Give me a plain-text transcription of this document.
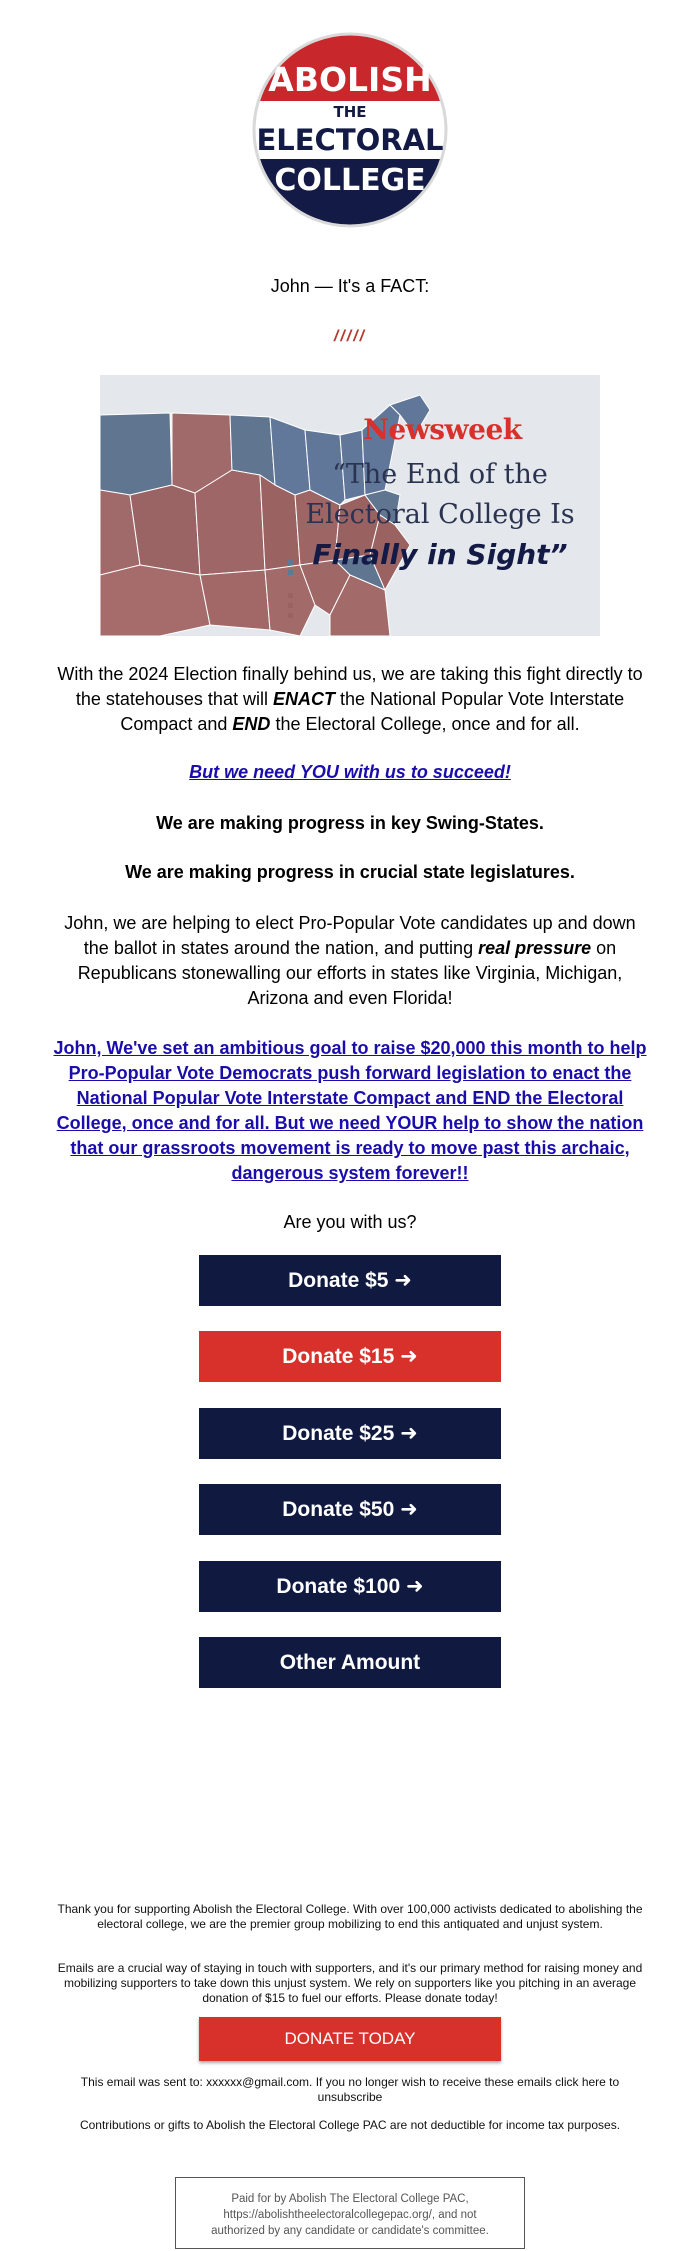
ABOLISH
THE
ELECTORAL
COLLEGE
John — It's a FACT:
/////
Newsweek
“The End of the
Electoral College Is
Finally in Sight”
With the 2024 Election finally behind us, we are taking this fight directly to the statehouses that will ENACT the National Popular Vote Interstate Compact and END the Electoral College, once and for all.
But we need YOU with us to succeed!
We are making progress in key Swing-States.
We are making progress in crucial state legislatures.
John, we are helping to elect Pro-Popular Vote candidates up and down the ballot in states around the nation, and putting real pressure on Republicans stonewalling our efforts in states like Virginia, Michigan, Arizona and even Florida!
John, We've set an ambitious goal to raise $20,000 this month to help Pro-Popular Vote Democrats push forward legislation to enact the National Popular Vote Interstate Compact and END the Electoral College, once and for all. But we need YOUR help to show the nation that our grassroots movement is ready to move past this archaic, dangerous system forever!!
Are you with us?
Donate $5 ➜
Donate $15 ➜
Donate $25 ➜
Donate $50 ➜
Donate $100 ➜
Other Amount
Thank you for supporting Abolish the Electoral College. With over 100,000 activists dedicated to abolishing the electoral college, we are the premier group mobilizing to end this antiquated and unjust system.
Emails are a crucial way of staying in touch with supporters, and it's our primary method for raising money and mobilizing supporters to take down this unjust system. We rely on supporters like you pitching in an average donation of $15 to fuel our efforts. Please donate today!
DONATE TODAY
This email was sent to: xxxxxx@gmail.com. If you no longer wish to receive these emails click here to unsubscribe
Contributions or gifts to Abolish the Electoral College PAC are not deductible for income tax purposes.
Paid for by Abolish The Electoral College PAC,
https://abolishtheelectoralcollegepac.org/, and not
authorized by any candidate or candidate's committee.
